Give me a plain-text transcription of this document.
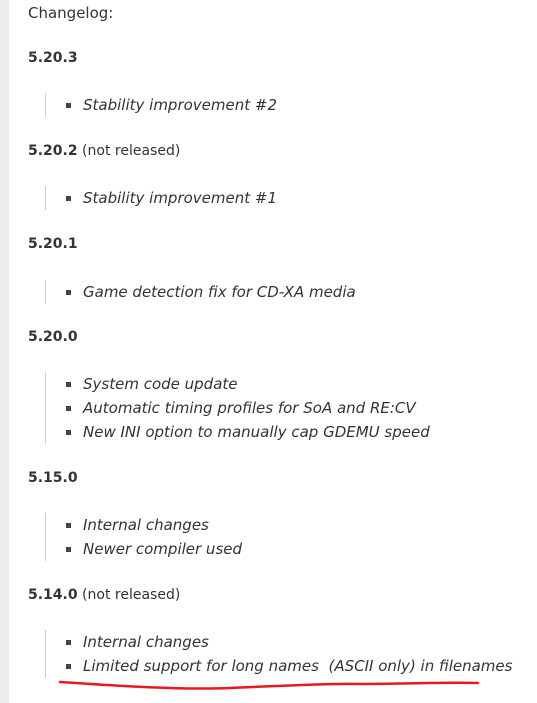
Changelog:
5.20.3
Stability improvement #2
5.20.2 (not released)
Stability improvement #1
5.20.1
Game detection fix for CD-XA media
5.20.0
System code update
Automatic timing profiles for SoA and RE:CV
New INI option to manually cap GDEMU speed
5.15.0
Internal changes
Newer compiler used
5.14.0 (not released)
Internal changes
Limited support for long names  (ASCII only) in filenames
